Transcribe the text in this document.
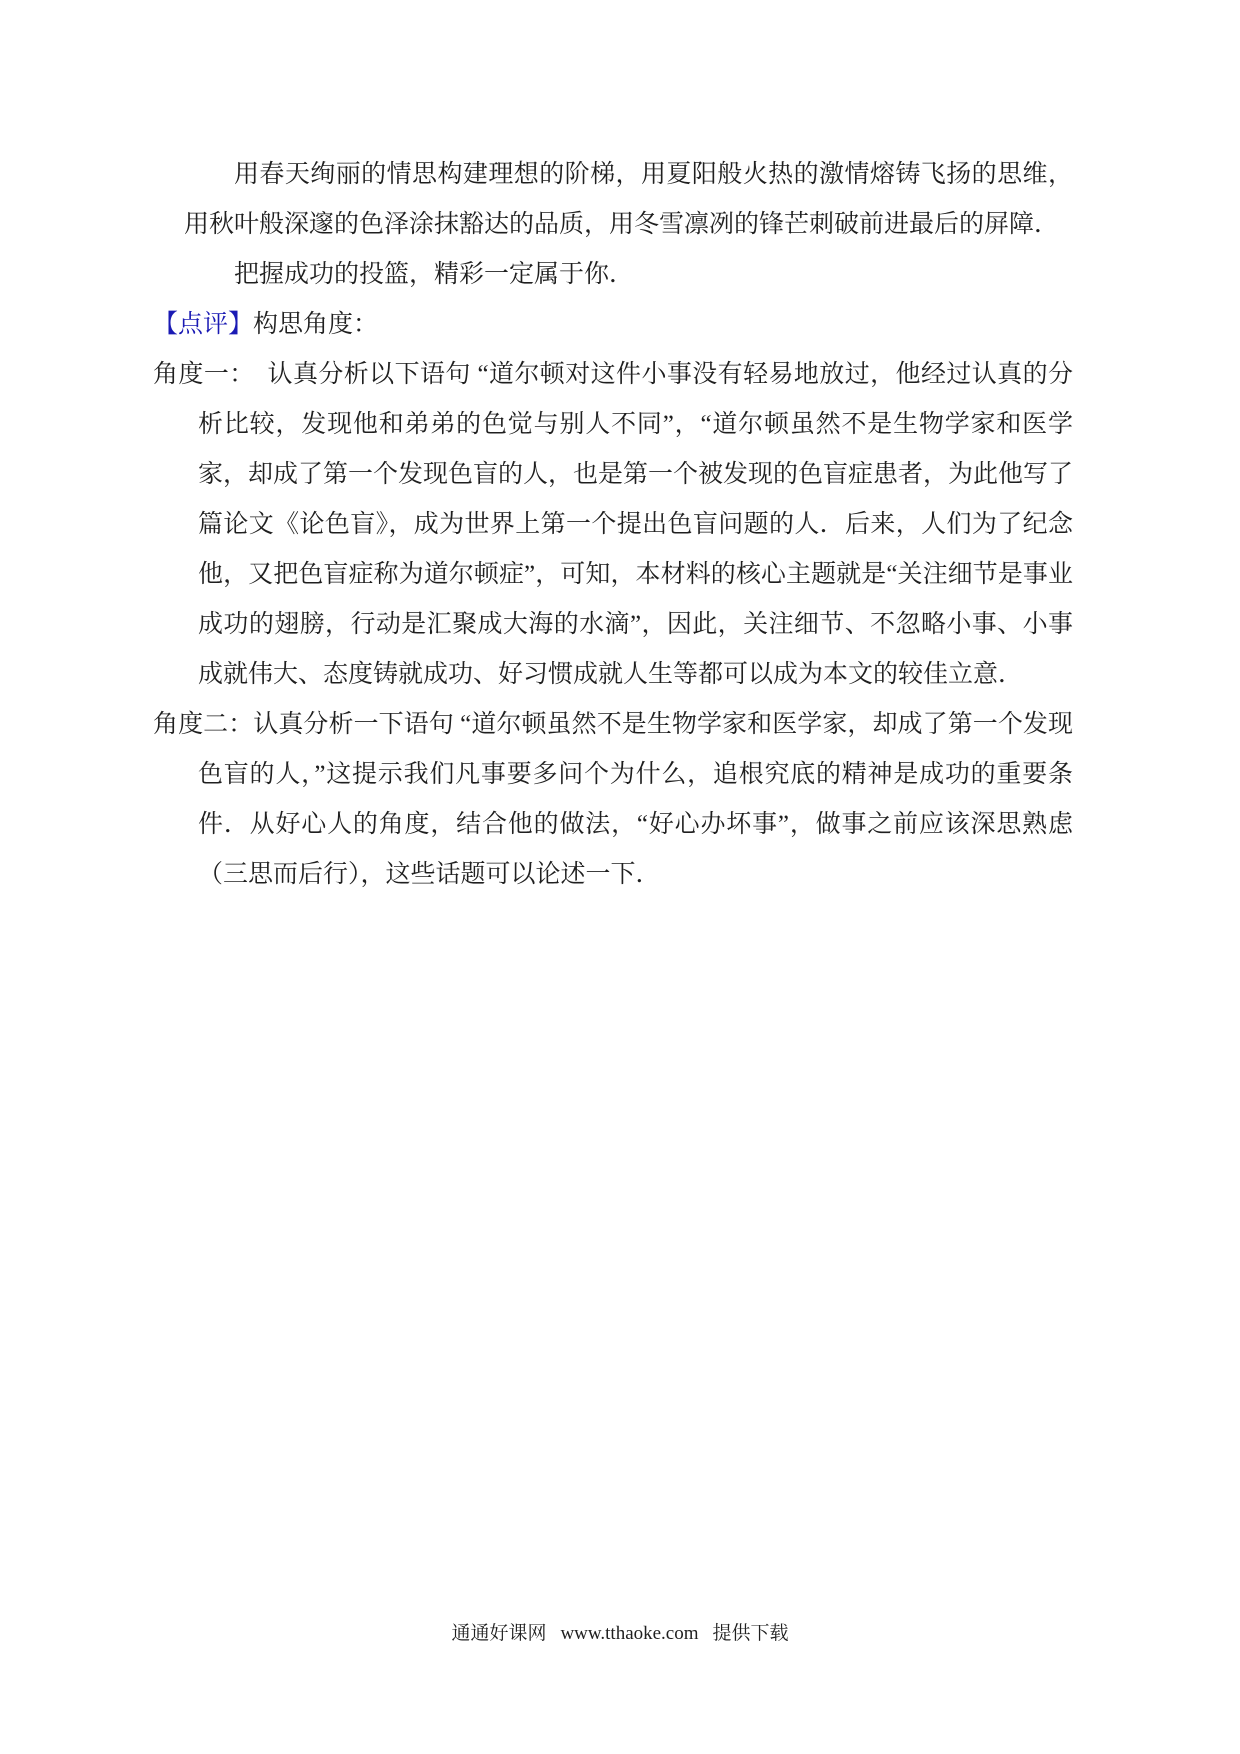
用春天绚丽的情思构建理想的阶梯，用夏阳般火热的激情熔铸飞扬的思维，用秋叶般深邃的色泽涂抹豁达的品质，用冬雪凛冽的锋芒刺破前进最后的屏障．

把握成功的投篮，精彩一定属于你．

【点评】构思角度：

角度一：　认真分析以下语句 “道尔顿对这件小事没有轻易地放过，他经过认真的分析比较，发现他和弟弟的色觉与别人不同”，“道尔顿虽然不是生物学家和医学家，却成了第一个发现色盲的人，也是第一个被发现的色盲症患者，为此他写了篇论文《论色盲》，成为世界上第一个提出色盲问题的人．后来，人们为了纪念他，又把色盲症称为道尔顿症”，可知，本材料的核心主题就是“关注细节是事业成功的翅膀，行动是汇聚成大海的水滴”，因此，关注细节、不忽略小事、小事成就伟大、态度铸就成功、好习惯成就人生等都可以成为本文的较佳立意．

角度二：认真分析一下语句 “道尔顿虽然不是生物学家和医学家，却成了第一个发现色盲的人，”这提示我们凡事要多问个为什么，追根究底的精神是成功的重要条件．从好心人的角度，结合他的做法，“好心办坏事”，做事之前应该深思熟虑（三思而后行），这些话题可以论述一下．

通通好课网 www.tthaoke.com 提供下载
